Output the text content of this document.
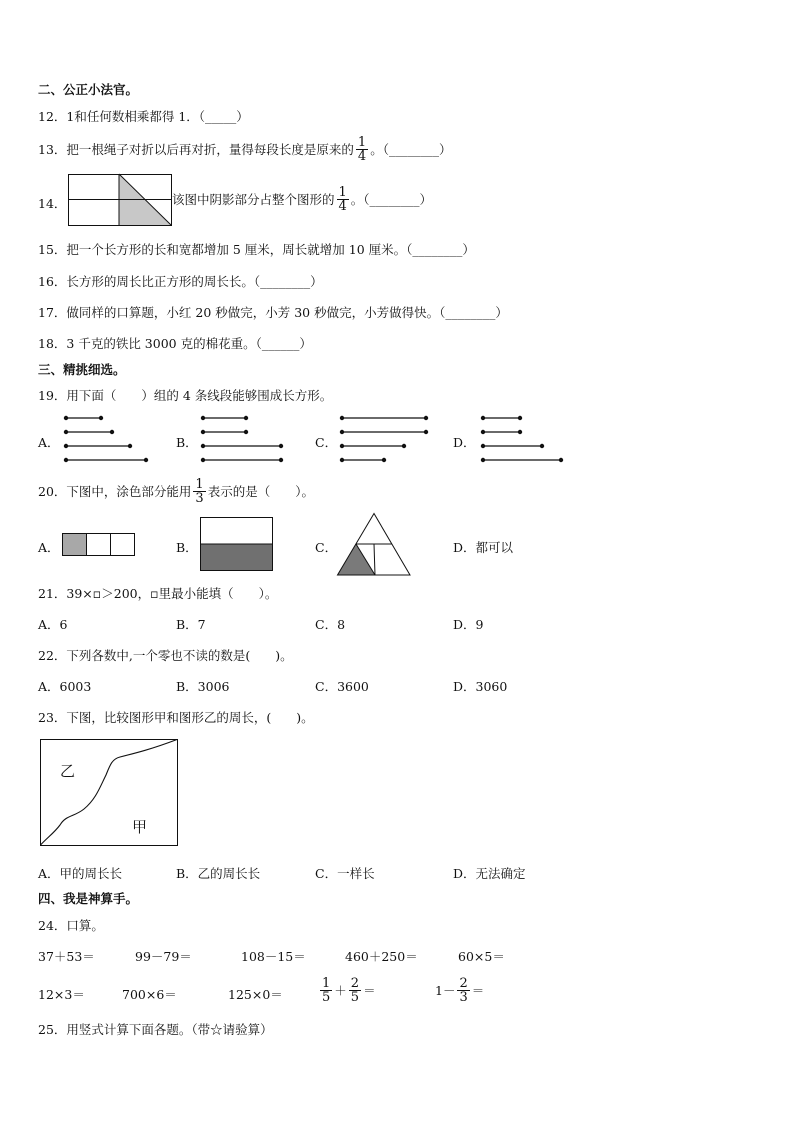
二、公正小法官。
12．1和任何数相乘都得 1．（_____）
13．把一根绳子对折以后再对折，量得每段长度是原来的 $\frac{1}{4}$ 。（________）
14．	该图中阴影部分占整个图形的 $\frac{1}{4}$ 。（________）
15．把一个长方形的长和宽都增加 5 厘米，周长就增加 10 厘米。（________）
16．长方形的周长比正方形的周长长。（________）
17．做同样的口算题，小红 20 秒做完，小芳 30 秒做完，小芳做得快。（________）
18．3 千克的铁比 3000 克的棉花重。（______）
三、精挑细选。
19．用下面（　　）组的 4 条线段能够围成长方形。
A．	B．	C．	D．
20．下图中，涂色部分能用 $\frac{1}{3}$ 表示的是（　　）。
A．	B．	C．	D．都可以
21．39×▫＞200，▫里最小能填（　　）。
A．6	B．7	C．8	D．9
22．下列各数中,一个零也不读的数是(　　)。
A．6003	B．3006	C．3600	D．3060
23．下图，比较图形甲和图形乙的周长，(　　)。
乙
甲
A．甲的周长长	B．乙的周长长	C．一样长	D．无法确定
四、我是神算手。
24．口算。
37＋53＝	99－79＝	108－15＝	460＋250＝	60×5＝
12×3＝	700×6＝	125×0＝	$\frac{1}{5} + \frac{2}{5}$ ＝	$1- \frac{2}{3}$ ＝
25．用竖式计算下面各题。（带☆请验算）
